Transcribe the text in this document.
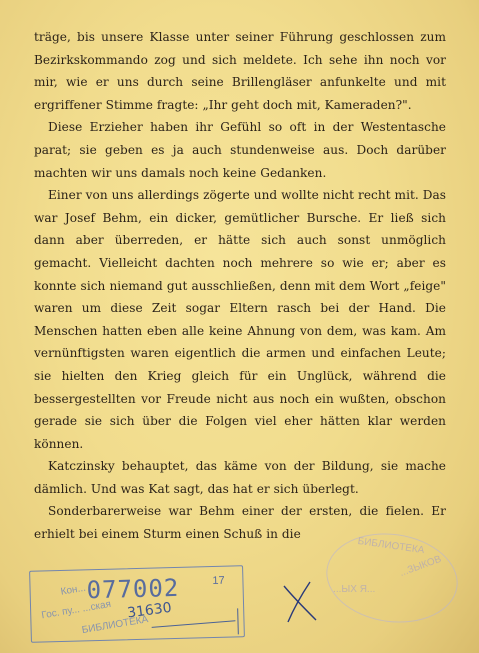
träge, bis unsere Klasse unter seiner Führung geschlossen zum Bezirkskommando zog und sich meldete. Ich sehe ihn noch vor mir, wie er uns durch seine Brillengläser anfunkelte und mit ergriffener Stimme fragte: „Ihr geht doch mit, Kameraden?".

Diese Erzieher haben ihr Gefühl so oft in der Westentasche parat; sie geben es ja auch stundenweise aus. Doch darüber machten wir uns damals noch keine Gedanken.

Einer von uns allerdings zögerte und wollte nicht recht mit. Das war Josef Behm, ein dicker, gemütlicher Bursche. Er ließ sich dann aber überreden, er hätte sich auch sonst unmöglich gemacht. Vielleicht dachten noch mehrere so wie er; aber es konnte sich niemand gut ausschließen, denn mit dem Wort „feige" waren um diese Zeit sogar Eltern rasch bei der Hand. Die Menschen hatten eben alle keine Ahnung von dem, was kam. Am vernünftigsten waren eigentlich die armen und einfachen Leute; sie hielten den Krieg gleich für ein Unglück, während die bessergestellten vor Freude nicht aus noch ein wußten, obschon gerade sie sich über die Folgen viel eher hätten klar werden können.

Katczinsky behauptet, das käme von der Bildung, sie mache dämlich. Und was Kat sagt, das hat er sich überlegt.

Sonderbarerweise war Behm einer der ersten, die fielen. Er erhielt bei einem Sturm einen Schuß in die

БИБЛИОТЕКА
...ЗЫКОВ
...ЫХ Я...
Кон...
Гос. пу... ...ская
БИБЛИОТЕКА
077002	17
31630
